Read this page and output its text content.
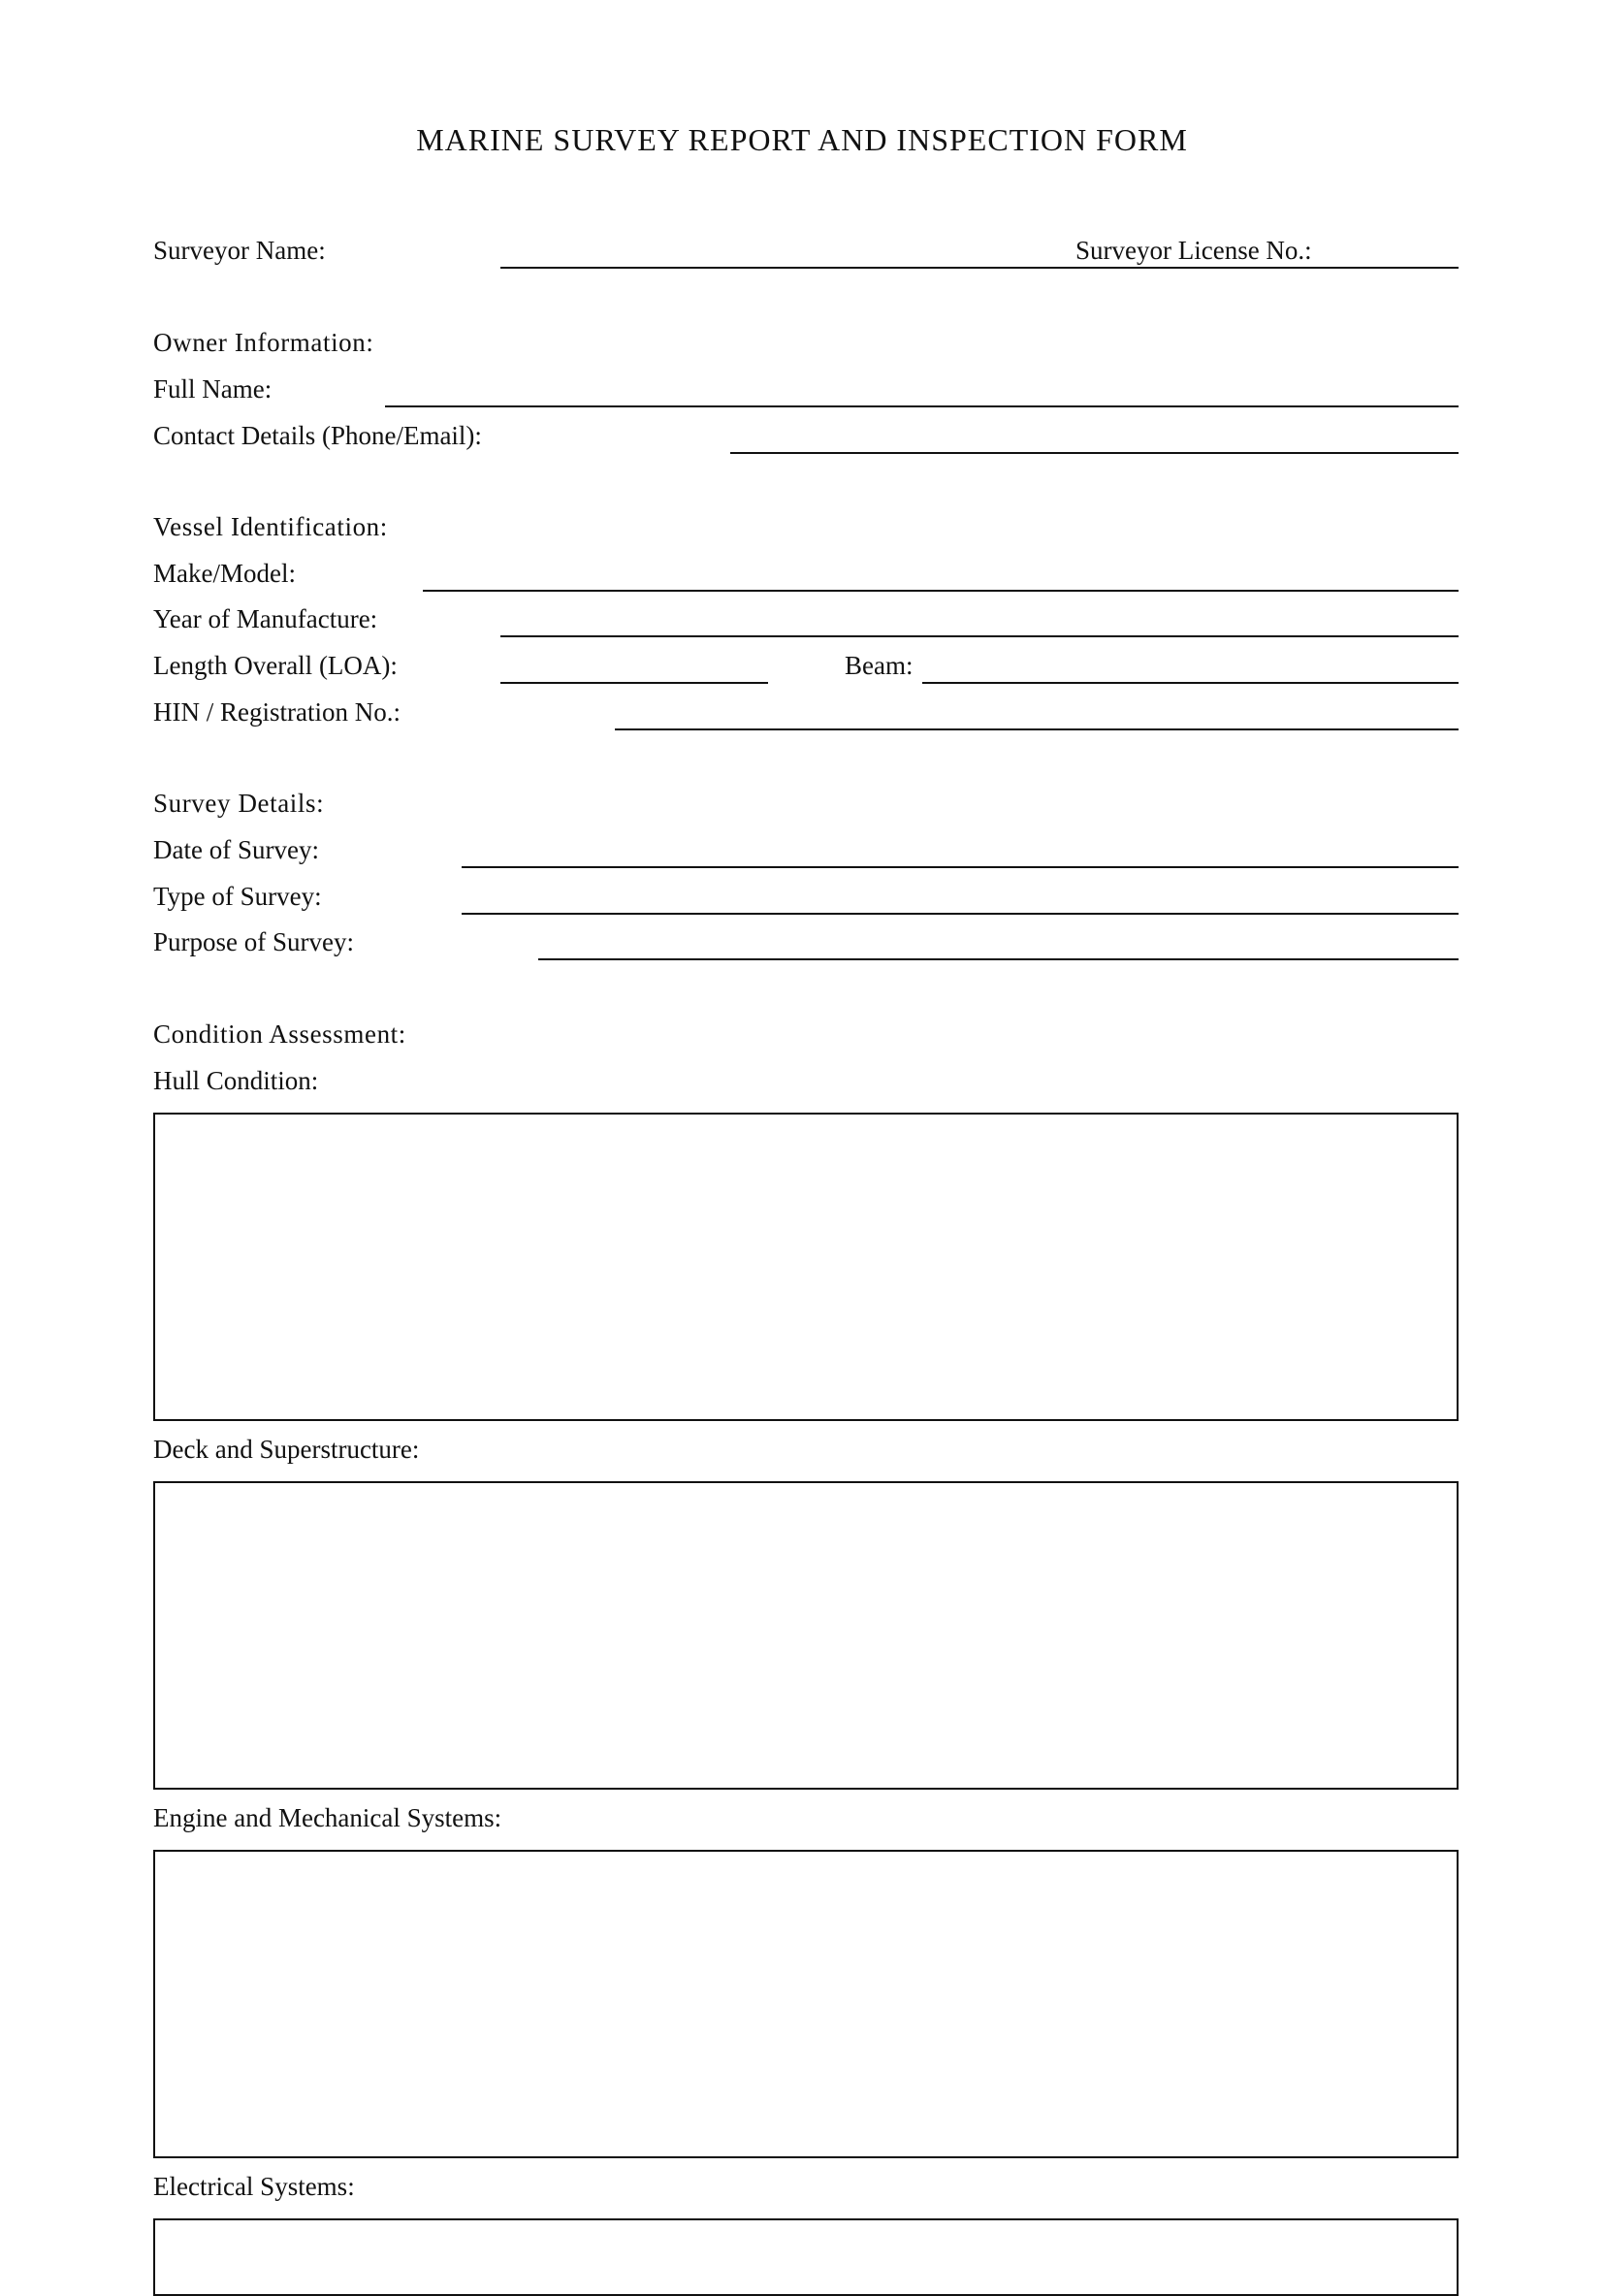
MARINE SURVEY REPORT AND INSPECTION FORM
Surveyor Name:	Surveyor License No.:
Owner Information:
Full Name:
Contact Details (Phone/Email):
Vessel Identification:
Make/Model:
Year of Manufacture:
Length Overall (LOA):	Beam:
HIN / Registration No.:
Survey Details:
Date of Survey:
Type of Survey:
Purpose of Survey:
Condition Assessment:
Hull Condition:
Deck and Superstructure:
Engine and Mechanical Systems:
Electrical Systems:
